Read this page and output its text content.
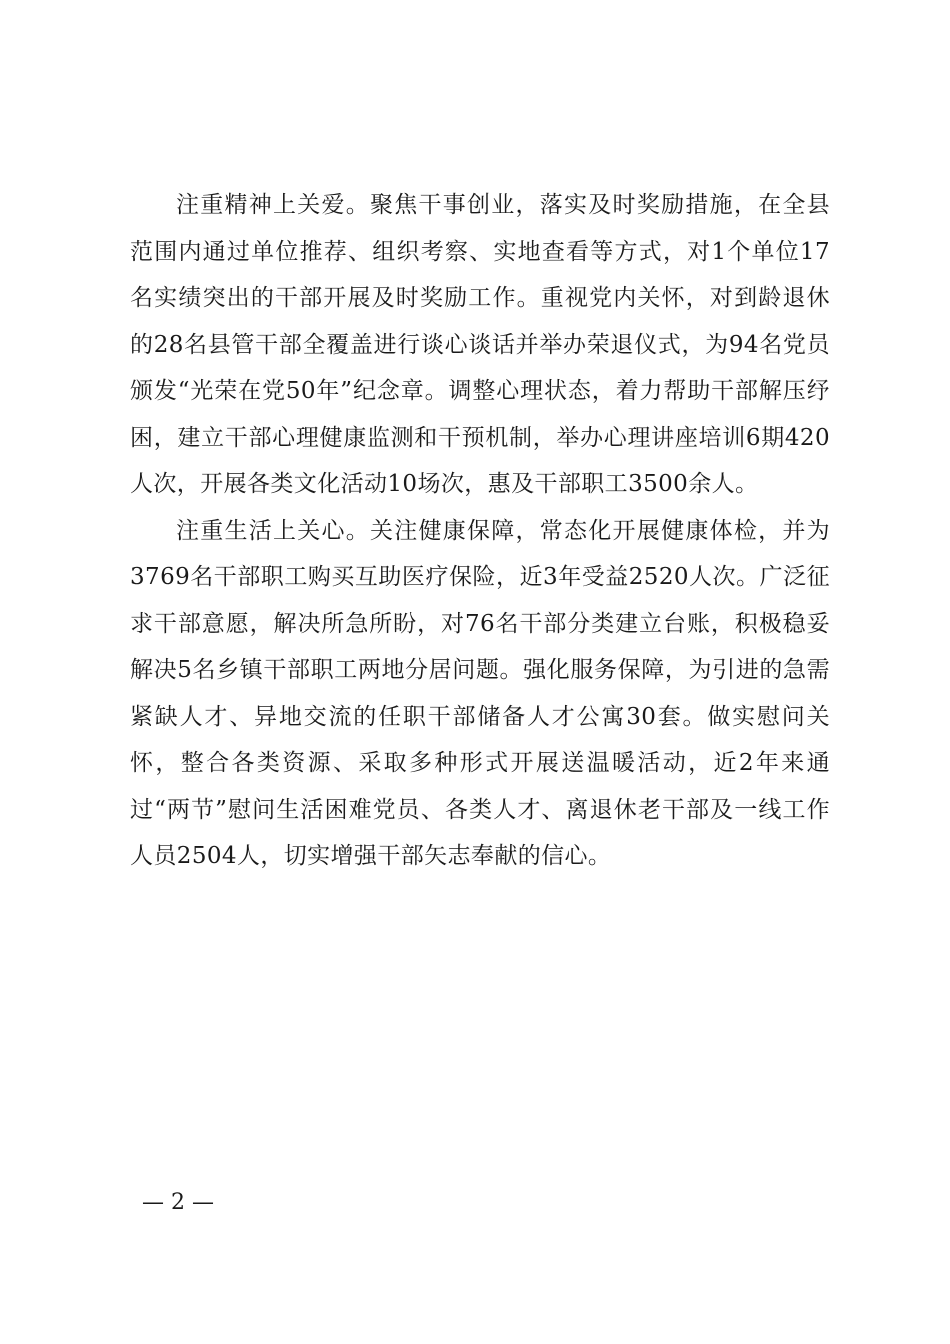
注重精神上关爱。聚焦干事创业，落实及时奖励措施，在全县范围内通过单位推荐、组织考察、实地查看等方式，对1个单位17名实绩突出的干部开展及时奖励工作。重视党内关怀，对到龄退休的28名县管干部全覆盖进行谈心谈话并举办荣退仪式，为94名党员颁发“光荣在党50年”纪念章。调整心理状态，着力帮助干部解压纾困，建立干部心理健康监测和干预机制，举办心理讲座培训6期420人次，开展各类文化活动10场次，惠及干部职工3500余人。

注重生活上关心。关注健康保障，常态化开展健康体检，并为3769名干部职工购买互助医疗保险，近3年受益2520人次。广泛征求干部意愿，解决所急所盼，对76名干部分类建立台账，积极稳妥解决5名乡镇干部职工两地分居问题。强化服务保障，为引进的急需紧缺人才、异地交流的任职干部储备人才公寓30套。做实慰问关怀，整合各类资源、采取多种形式开展送温暖活动，近2年来通过“两节”慰问生活困难党员、各类人才、离退休老干部及一线工作人员2504人，切实增强干部矢志奉献的信心。

— 2 —
